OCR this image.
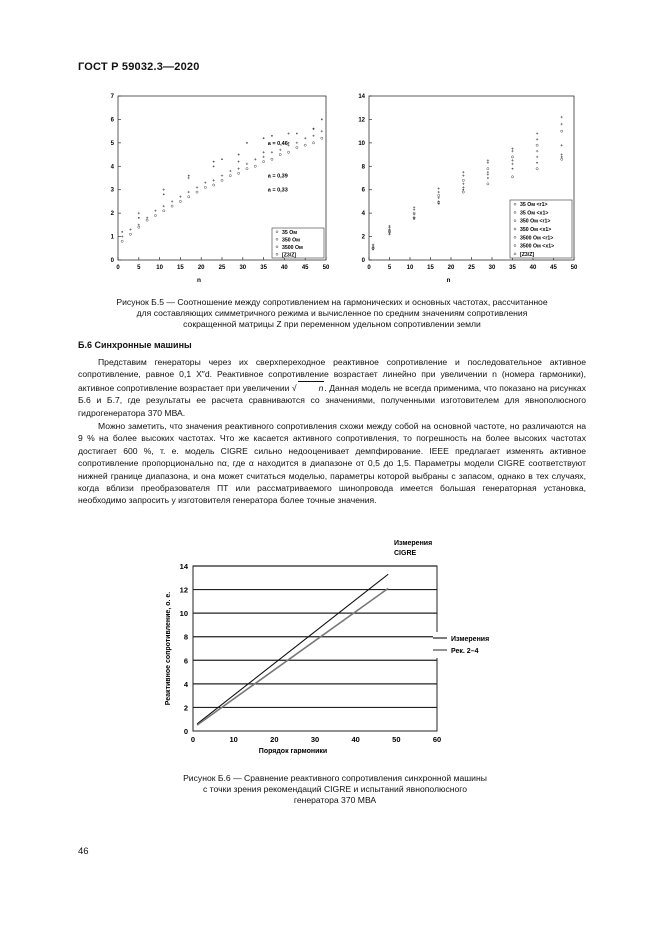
ГОСТ Р 59032.3—2020
0	5	10 15 20 25 30 35 40 45 50
0
1
2
3
4
5
6
7
n
35 Ом
350 Ом
3500 Ом
[Z3/Z]
a = 0,46
a = 0,39
a = 0,33
0	5	10 15 20 25 30 35 40 45 50
0
2
4
6
8
10
12
14
n
35 Ом <r1>
35 Ом <x1>
350 Ом <r1>
350 Ом <x1>
3500 Ом <r1>
3500 Ом <x1>
[Z3/Z]
Рисунок Б.5 — Соотношение между сопротивлением на гармонических и основных частотах, рассчитанное
для составляющих симметричного режима и вычисленное по средним значениям сопротивления
сокращенной матрицы Z при переменном удельном сопротивлении земли
Б.6 Синхронные машины
Представим генераторы через их сверхпереходное реактивное сопротивление и последовательное активное сопротивление, равное 0,1 X″d. Реактивное сопротивление возрастает линейно при увеличении n (номера гармоники), активное сопротивление возрастает при увеличении √	n. Данная модель не всегда применима, что показано на рисунках Б.6 и Б.7, где результаты ее расчета сравниваются со значениями, полученными изготовителем для явнополюсного гидрогенератора 370 МВА.
Можно заметить, что значения реактивного сопротивления схожи между собой на основной частоте, но различаются на 9 % на более высоких частотах. Что же касается активного сопротивления, то погрешность на более высоких частотах достигает 600 %, т. е. модель CIGRE сильно недооценивает демпфирование. IEEE предлагает изменять активное сопротивление пропорционально nα, где α находится в диапазоне от 0,5 до 1,5. Параметры модели CIGRE соответствуют нижней границе диапазона, и она может считаться моделью, параметры которой выбраны с запасом, однако в тех случаях, когда вблизи преобразователя ПТ или рассматриваемого шинопровода имеется большая генераторная установка, необходимо запросить у изготовителя генератора более точные значения.
0
2
4
6
8
10
12
14
0	10	20	30	40	50	60
Порядок гармоники
Реактивное сопротивление, о. е.	Измерения
Рек. 2–4
Измерения
CIGRE
Рисунок Б.6 — Сравнение реактивного сопротивления синхронной машины
с точки зрения рекомендаций CIGRE и испытаний явнополюсного
генератора 370 МВА
46
